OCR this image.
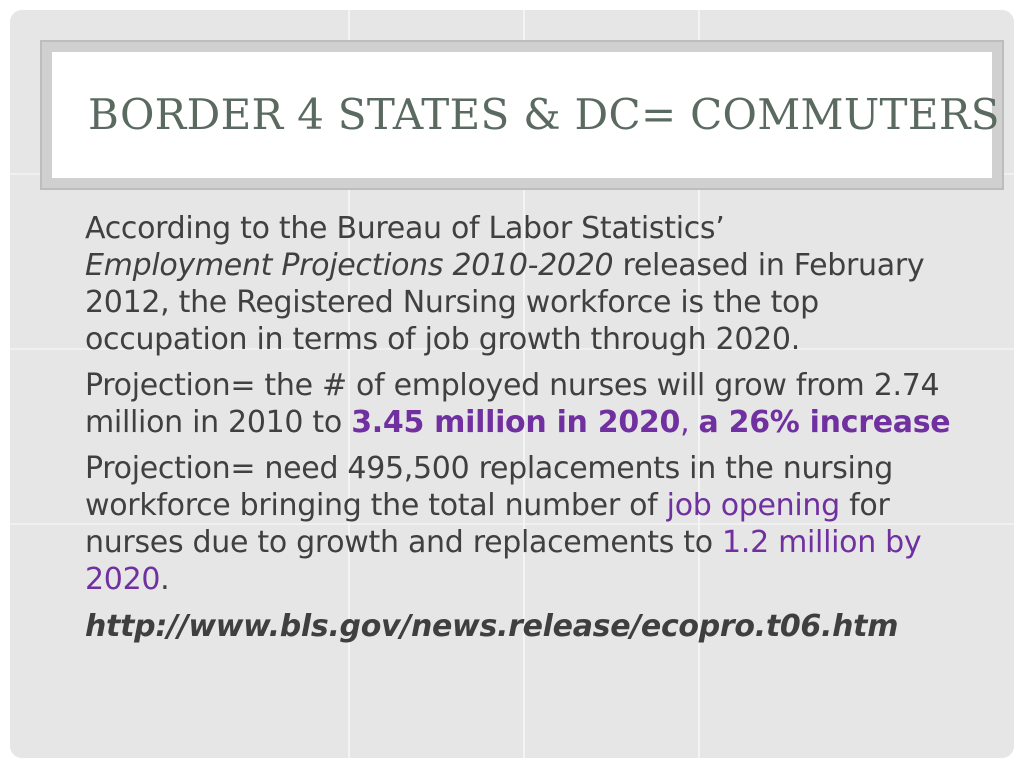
BORDER 4 STATES & DC= COMMUTERS

According to the Bureau of Labor Statistics’
Employment Projections 2010-2020 released in February 2012, the Registered Nursing workforce is the top occupation in terms of job growth through 2020.

Projection= the # of employed nurses will grow from 2.74 million in 2010 to 3.45 million in 2020, a 26% increase

Projection= need 495,500 replacements in the nursing workforce bringing the total number of job opening for nurses due to growth and replacements to 1.2 million by 2020.

http://www.bls.gov/news.release/ecopro.t06.htm
